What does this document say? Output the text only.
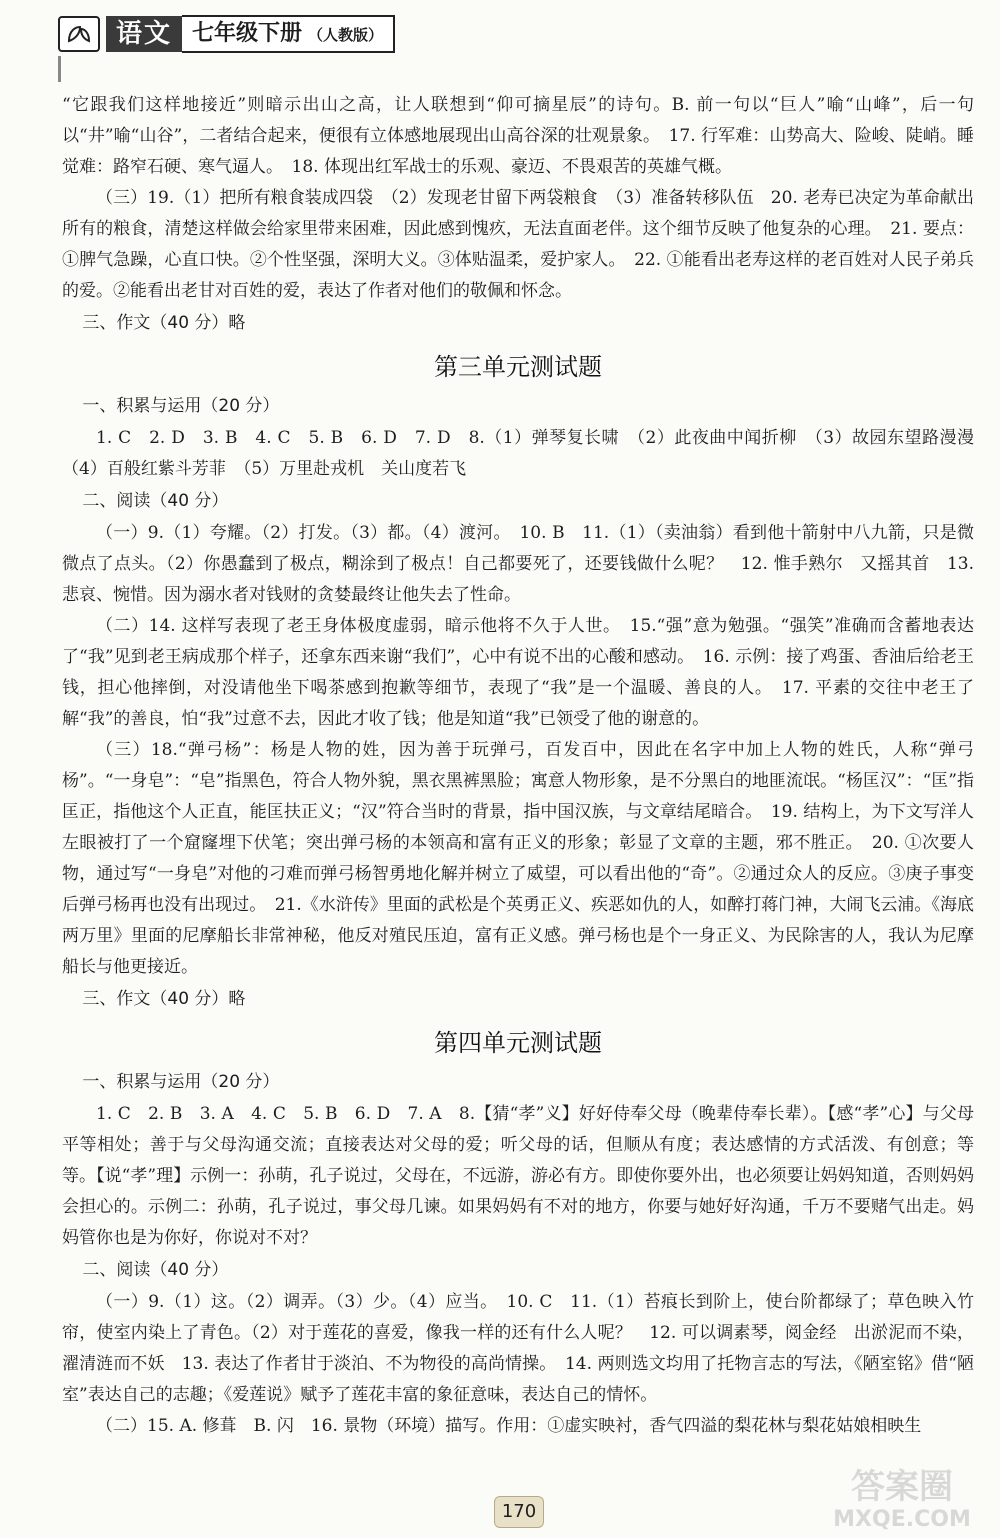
语文 七年级下册 （人教版）

“它跟我们这样地接近”则暗示出山之高，让人联想到“仰可摘星辰”的诗句。B. 前一句以“巨人”喻“山峰”，后一句以“井”喻“山谷”，二者结合起来，便很有立体感地展现出山高谷深的壮观景象。　17. 行军难：山势高大、险峻、陡峭。睡觉难：路窄石硬、寒气逼人。　18. 体现出红军战士的乐观、豪迈、不畏艰苦的英雄气概。

（三）19.（1）把所有粮食装成四袋　（2）发现老甘留下两袋粮食　（3）准备转移队伍　20. 老寿已决定为革命献出所有的粮食，清楚这样做会给家里带来困难，因此感到愧疚，无法直面老伴。这个细节反映了他复杂的心理。　21. 要点：①脾气急躁，心直口快。②个性坚强，深明大义。③体贴温柔，爱护家人。　22. ①能看出老寿这样的老百姓对人民子弟兵的爱。②能看出老甘对百姓的爱，表达了作者对他们的敬佩和怀念。

三、作文（40 分）略

第三单元测试题

一、积累与运用（20 分）

1. C　2. D　3. B　4. C　5. B　6. D　7. D　8.（1）弹琴复长啸　（2）此夜曲中闻折柳　（3）故园东望路漫漫　（4）百般红紫斗芳菲　（5）万里赴戎机　关山度若飞

二、阅读（40 分）

（一）9.（1）夸耀。（2）打发。（3）都。（4）渡河。　10. B　11.（1）（卖油翁）看到他十箭射中八九箭，只是微微点了点头。（2）你愚蠢到了极点，糊涂到了极点！自己都要死了，还要钱做什么呢？　12. 惟手熟尔　又摇其首　13. 悲哀、惋惜。因为溺水者对钱财的贪婪最终让他失去了性命。

（二）14. 这样写表现了老王身体极度虚弱，暗示他将不久于人世。　15.“强”意为勉强。“强笑”准确而含蓄地表达了“我”见到老王病成那个样子，还拿东西来谢“我们”，心中有说不出的心酸和感动。　16. 示例：接了鸡蛋、香油后给老王钱，担心他摔倒，对没请他坐下喝茶感到抱歉等细节，表现了“我”是一个温暖、善良的人。　17. 平素的交往中老王了解“我”的善良，怕“我”过意不去，因此才收了钱；他是知道“我”已领受了他的谢意的。

（三）18.“弹弓杨”：杨是人物的姓，因为善于玩弹弓，百发百中，因此在名字中加上人物的姓氏，人称“弹弓杨”。“一身皂”：“皂”指黑色，符合人物外貌，黑衣黑裤黑脸；寓意人物形象，是不分黑白的地匪流氓。“杨匡汉”：“匡”指匡正，指他这个人正直，能匡扶正义；“汉”符合当时的背景，指中国汉族，与文章结尾暗合。　19. 结构上，为下文写洋人左眼被打了一个窟窿埋下伏笔；突出弹弓杨的本领高和富有正义的形象；彰显了文章的主题，邪不胜正。　20. ①次要人物，通过写“一身皂”对他的刁难而弹弓杨智勇地化解并树立了威望，可以看出他的“奇”。②通过众人的反应。③庚子事变后弹弓杨再也没有出现过。　21.《水浒传》里面的武松是个英勇正义、疾恶如仇的人，如醉打蒋门神，大闹飞云浦。《海底两万里》里面的尼摩船长非常神秘，他反对殖民压迫，富有正义感。弹弓杨也是个一身正义、为民除害的人，我认为尼摩船长与他更接近。

三、作文（40 分）略

第四单元测试题

一、积累与运用（20 分）

1. C　2. B　3. A　4. C　5. B　6. D　7. A　8.【猜“孝”义】好好侍奉父母（晚辈侍奉长辈）。【感“孝”心】与父母平等相处；善于与父母沟通交流；直接表达对父母的爱；听父母的话，但顺从有度；表达感情的方式活泼、有创意；等等。【说“孝”理】示例一：孙萌，孔子说过，父母在，不远游，游必有方。即使你要外出，也必须要让妈妈知道，否则妈妈会担心的。示例二：孙萌，孔子说过，事父母几谏。如果妈妈有不对的地方，你要与她好好沟通，千万不要赌气出走。妈妈管你也是为你好，你说对不对？

二、阅读（40 分）

（一）9.（1）这。（2）调弄。（3）少。（4）应当。　10. C　11.（1）苔痕长到阶上，使台阶都绿了；草色映入竹帘，使室内染上了青色。（2）对于莲花的喜爱，像我一样的还有什么人呢？　12. 可以调素琴，阅金经　出淤泥而不染，濯清涟而不妖　13. 表达了作者甘于淡泊、不为物役的高尚情操。　14. 两则选文均用了托物言志的写法，《陋室铭》借“陋室”表达自己的志趣；《爱莲说》赋予了莲花丰富的象征意味，表达自己的情怀。

（二）15. A. 修葺　B. 闪　16. 景物（环境）描写。作用：①虚实映衬，香气四溢的梨花林与梨花姑娘相映生

170
答案圈
MXQE.COM
